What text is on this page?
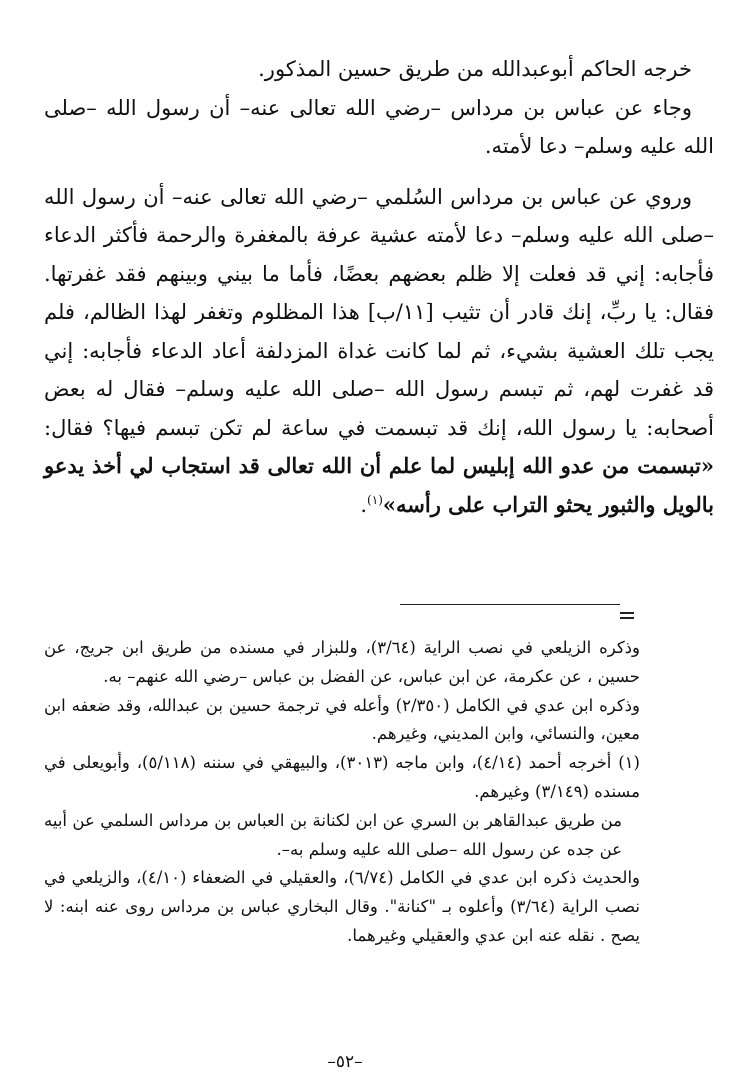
خرجه الحاكم أبوعبدالله من طريق حسين المذكور.

وجاء عن عباس بن مرداس –رضي الله تعالى عنه– أن رسول الله –صلى الله عليه وسلم– دعا لأمته.

وروي عن عباس بن مرداس السُلمي –رضي الله تعالى عنه– أن رسول الله –صلى الله عليه وسلم– دعا لأمته عشية عرفة بالمغفرة والرحمة فأكثر الدعاء فأجابه: إني قد فعلت إلا ظلم بعضهم بعضًا، فأما ما بيني وبينهم فقد غفرتها. فقال: يا ربِّ، إنك قادر أن تثيب [١١/ب] هذا المظلوم وتغفر لهذا الظالم، فلم يجب تلك العشية بشيء، ثم لما كانت غداة المزدلفة أعاد الدعاء فأجابه: إني قد غفرت لهم، ثم تبسم رسول الله –صلى الله عليه وسلم– فقال له بعض أصحابه: يا رسول الله، إنك قد تبسمت في ساعة لم تكن تبسم فيها؟ فقال: «تبسمت من عدو الله إبليس لما علم أن الله تعالى قد استجاب لي أخذ يدعو بالويل والثبور يحثو التراب على رأسه»$^{(١)}$.

وذكره الزيلعي في نصب الراية (٣/٦٤)، وللبزار في مسنده من طريق ابن جريج، عن حسين ، عن عكرمة، عن ابن عباس، عن الفضل بن عباس –رضي الله عنهم– به.

وذكره ابن عدي في الكامل (٢/٣٥٠) وأعله في ترجمة حسين بن عبدالله، وقد ضعفه ابن معين، والنسائي، وابن المديني، وغيرهم.

(١) أخرجه أحمد (٤/١٤)، وابن ماجه (٣٠١٣)، والبيهقي في سننه (٥/١١٨)، وأبويعلى في مسنده (٣/١٤٩) وغيرهم.

من طريق عبدالقاهر بن السري عن ابن لكنانة بن العباس بن مرداس السلمي عن أبيه عن جده عن رسول الله –صلى الله عليه وسلم به–.

والحديث ذكره ابن عدي في الكامل (٦/٧٤)، والعقيلي في الضعفاء (٤/١٠)، والزيلعي في نصب الراية (٣/٦٤) وأعلوه بـ "كنانة". وقال البخاري عباس بن مرداس روى عنه ابنه: لا يصح . نقله عنه ابن عدي والعقيلي وغيرهما.

–٥٢–
